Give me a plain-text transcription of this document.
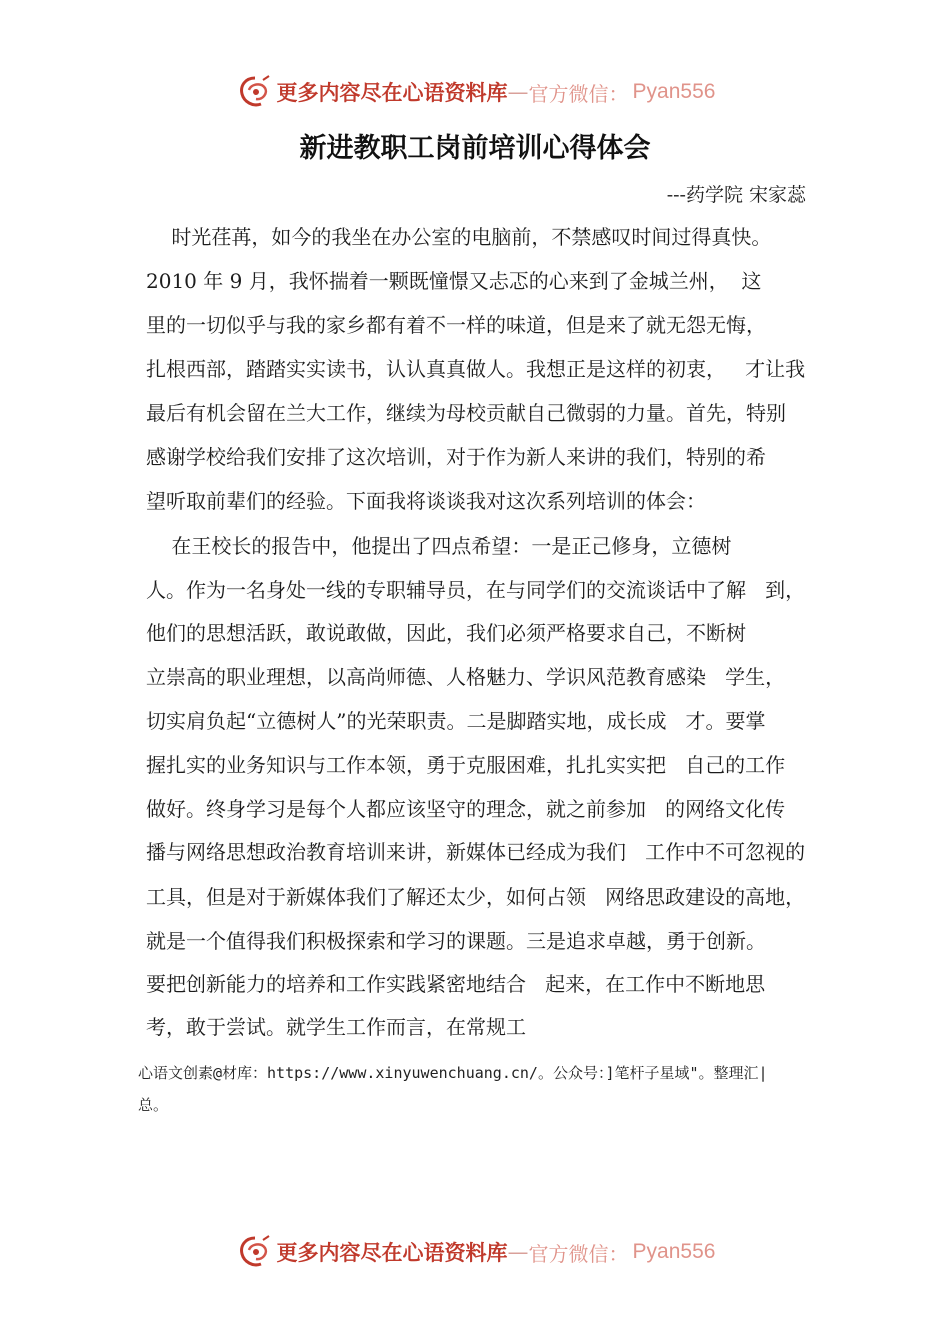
更多内容尽在心语资料库 — 官方微信： Pyan556
新进教职工岗前培训心得体会
---药学院 宋家蕊
时光荏苒，如今的我坐在办公室的电脑前，不禁感叹时间过得真快。
2010 年 9 月，我怀揣着一颗既憧憬又忐忑的心来到了金城兰州，  这
里的一切似乎与我的家乡都有着不一样的味道，但是来了就无怨无悔，
扎根西部，踏踏实实读书，认认真真做人。我想正是这样的初衷，   才让我
最后有机会留在兰大工作，继续为母校贡献自己微弱的力量。首先，特别
感谢学校给我们安排了这次培训，对于作为新人来讲的我们，特别的希
望听取前辈们的经验。下面我将谈谈我对这次系列培训的体会：
在王校长的报告中，他提出了四点希望：一是正己修身，立德树
人。作为一名身处一线的专职辅导员，在与同学们的交流谈话中了解   到，
他们的思想活跃，敢说敢做，因此，我们必须严格要求自己，不断树
立崇高的职业理想，以高尚师德、人格魅力、学识风范教育感染   学生，
切实肩负起“立德树人”的光荣职责。二是脚踏实地，成长成   才。要掌
握扎实的业务知识与工作本领，勇于克服困难，扎扎实实把   自己的工作
做好。终身学习是每个人都应该坚守的理念，就之前参加   的网络文化传
播与网络思想政治教育培训来讲，新媒体已经成为我们   工作中不可忽视的
工具，但是对于新媒体我们了解还太少，如何占领   网络思政建设的高地，
就是一个值得我们积极探索和学习的课题。三是追求卓越，勇于创新。
要把创新能力的培养和工作实践紧密地结合   起来，在工作中不断地思
考，敢于尝试。就学生工作而言，在常规工
心语文创素@材库：https://www.xinyuwenchuang.cn/。公众号：]笔杆子星域"。整理汇|
总。
更多内容尽在心语资料库 — 官方微信： Pyan556
